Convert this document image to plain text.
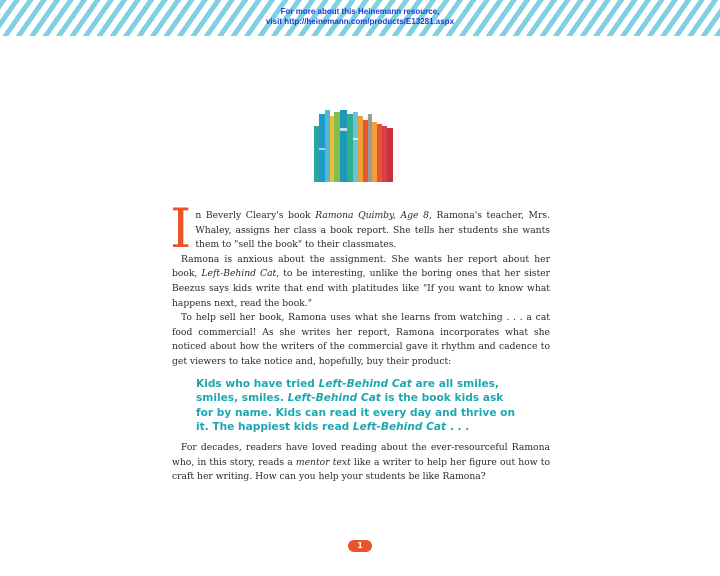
For more about this Heinemann resource,
visit http://heinemann.com/products/E13281.aspx

In Beverly Cleary's book Ramona Quimby, Age 8, Ramona's teacher, Mrs. Whaley, assigns her class a book report. She tells her students she wants them to "sell the book" to their classmates.

Ramona is anxious about the assignment. She wants her report about her book, Left-Behind Cat, to be interesting, unlike the boring ones that her sister Beezus says kids write that end with platitudes like "If you want to know what happens next, read the book."

To help sell her book, Ramona uses what she learns from watching . . . a cat food commercial! As she writes her report, Ramona incorporates what she noticed about how the writers of the commercial gave it rhythm and cadence to get viewers to take notice and, hopefully, buy their product:

Kids who have tried Left-Behind Cat are all smiles, smiles, smiles. Left-Behind Cat is the book kids ask for by name. Kids can read it every day and thrive on it. The happiest kids read Left-Behind Cat . . .

For decades, readers have loved reading about the ever-resourceful Ramona who, in this story, reads a mentor text like a writer to help her figure out how to craft her writing. How can you help your students be like Ramona?

1
